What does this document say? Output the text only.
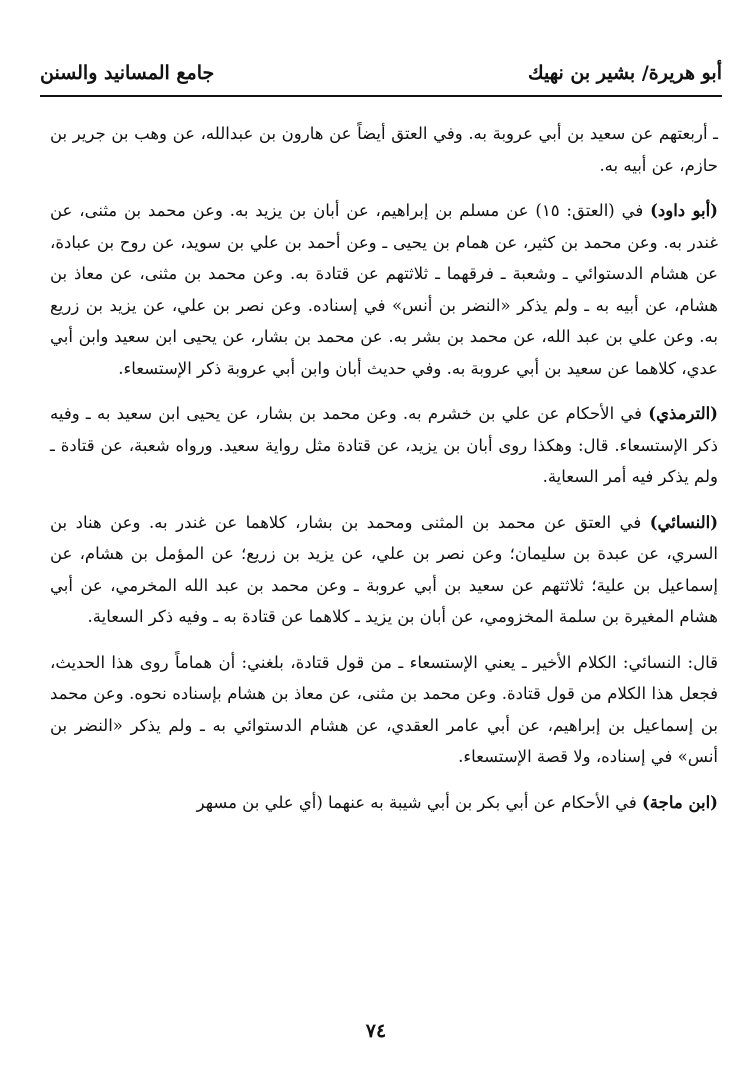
أبو هريرة/ بشير بن نهيك
جامع المسانيد والسنن

ـ أربعتهم عن سعيد بن أبي عروبة به. وفي العتق أيضاً عن هارون بن عبدالله، عن وهب بن جرير بن حازم، عن أبيه به.

(أبو داود) في (العتق: ١٥) عن مسلم بن إبراهيم، عن أبان بن يزيد به. وعن محمد بن مثنى، عن غندر به. وعن محمد بن كثير، عن همام بن يحيى ـ وعن أحمد بن علي بن سويد، عن روح بن عبادة، عن هشام الدستوائي ـ وشعبة ـ فرقهما ـ ثلاثتهم عن قتادة به. وعن محمد بن مثنى، عن معاذ بن هشام، عن أبيه به ـ ولم يذكر «النضر بن أنس» في إسناده. وعن نصر بن علي، عن يزيد بن زريع به. وعن علي بن عبد الله، عن محمد بن بشر به. عن محمد بن بشار، عن يحيى ابن سعيد وابن أبي عدي، كلاهما عن سعيد بن أبي عروبة به. وفي حديث أبان وابن أبي عروبة ذكر الإستسعاء.

(الترمذي) في الأحكام عن علي بن خشرم به. وعن محمد بن بشار، عن يحيى ابن سعيد به ـ وفيه ذكر الإستسعاء. قال: وهكذا روى أبان بن يزيد، عن قتادة مثل رواية سعيد. ورواه شعبة، عن قتادة ـ ولم يذكر فيه أمر السعاية.

(النسائي) في العتق عن محمد بن المثنى ومحمد بن بشار، كلاهما عن غندر به. وعن هناد بن السري، عن عبدة بن سليمان؛ وعن نصر بن علي، عن يزيد بن زريع؛ عن المؤمل بن هشام، عن إسماعيل بن علية؛ ثلاثتهم عن سعيد بن أبي عروبة ـ وعن محمد بن عبد الله المخرمي، عن أبي هشام المغيرة بن سلمة المخزومي، عن أبان بن يزيد ـ كلاهما عن قتادة به ـ وفيه ذكر السعاية.

قال: النسائي: الكلام الأخير ـ يعني الإستسعاء ـ من قول قتادة، بلغني: أن هماماً روى هذا الحديث، فجعل هذا الكلام من قول قتادة. وعن محمد بن مثنى، عن معاذ بن هشام بإسناده نحوه. وعن محمد بن إسماعيل بن إبراهيم، عن أبي عامر العقدي، عن هشام الدستوائي به ـ ولم يذكر «النضر بن أنس» في إسناده، ولا قصة الإستسعاء.

(ابن ماجة) في الأحكام عن أبي بكر بن أبي شيبة به عنهما (أي علي بن مسهر

٧٤
